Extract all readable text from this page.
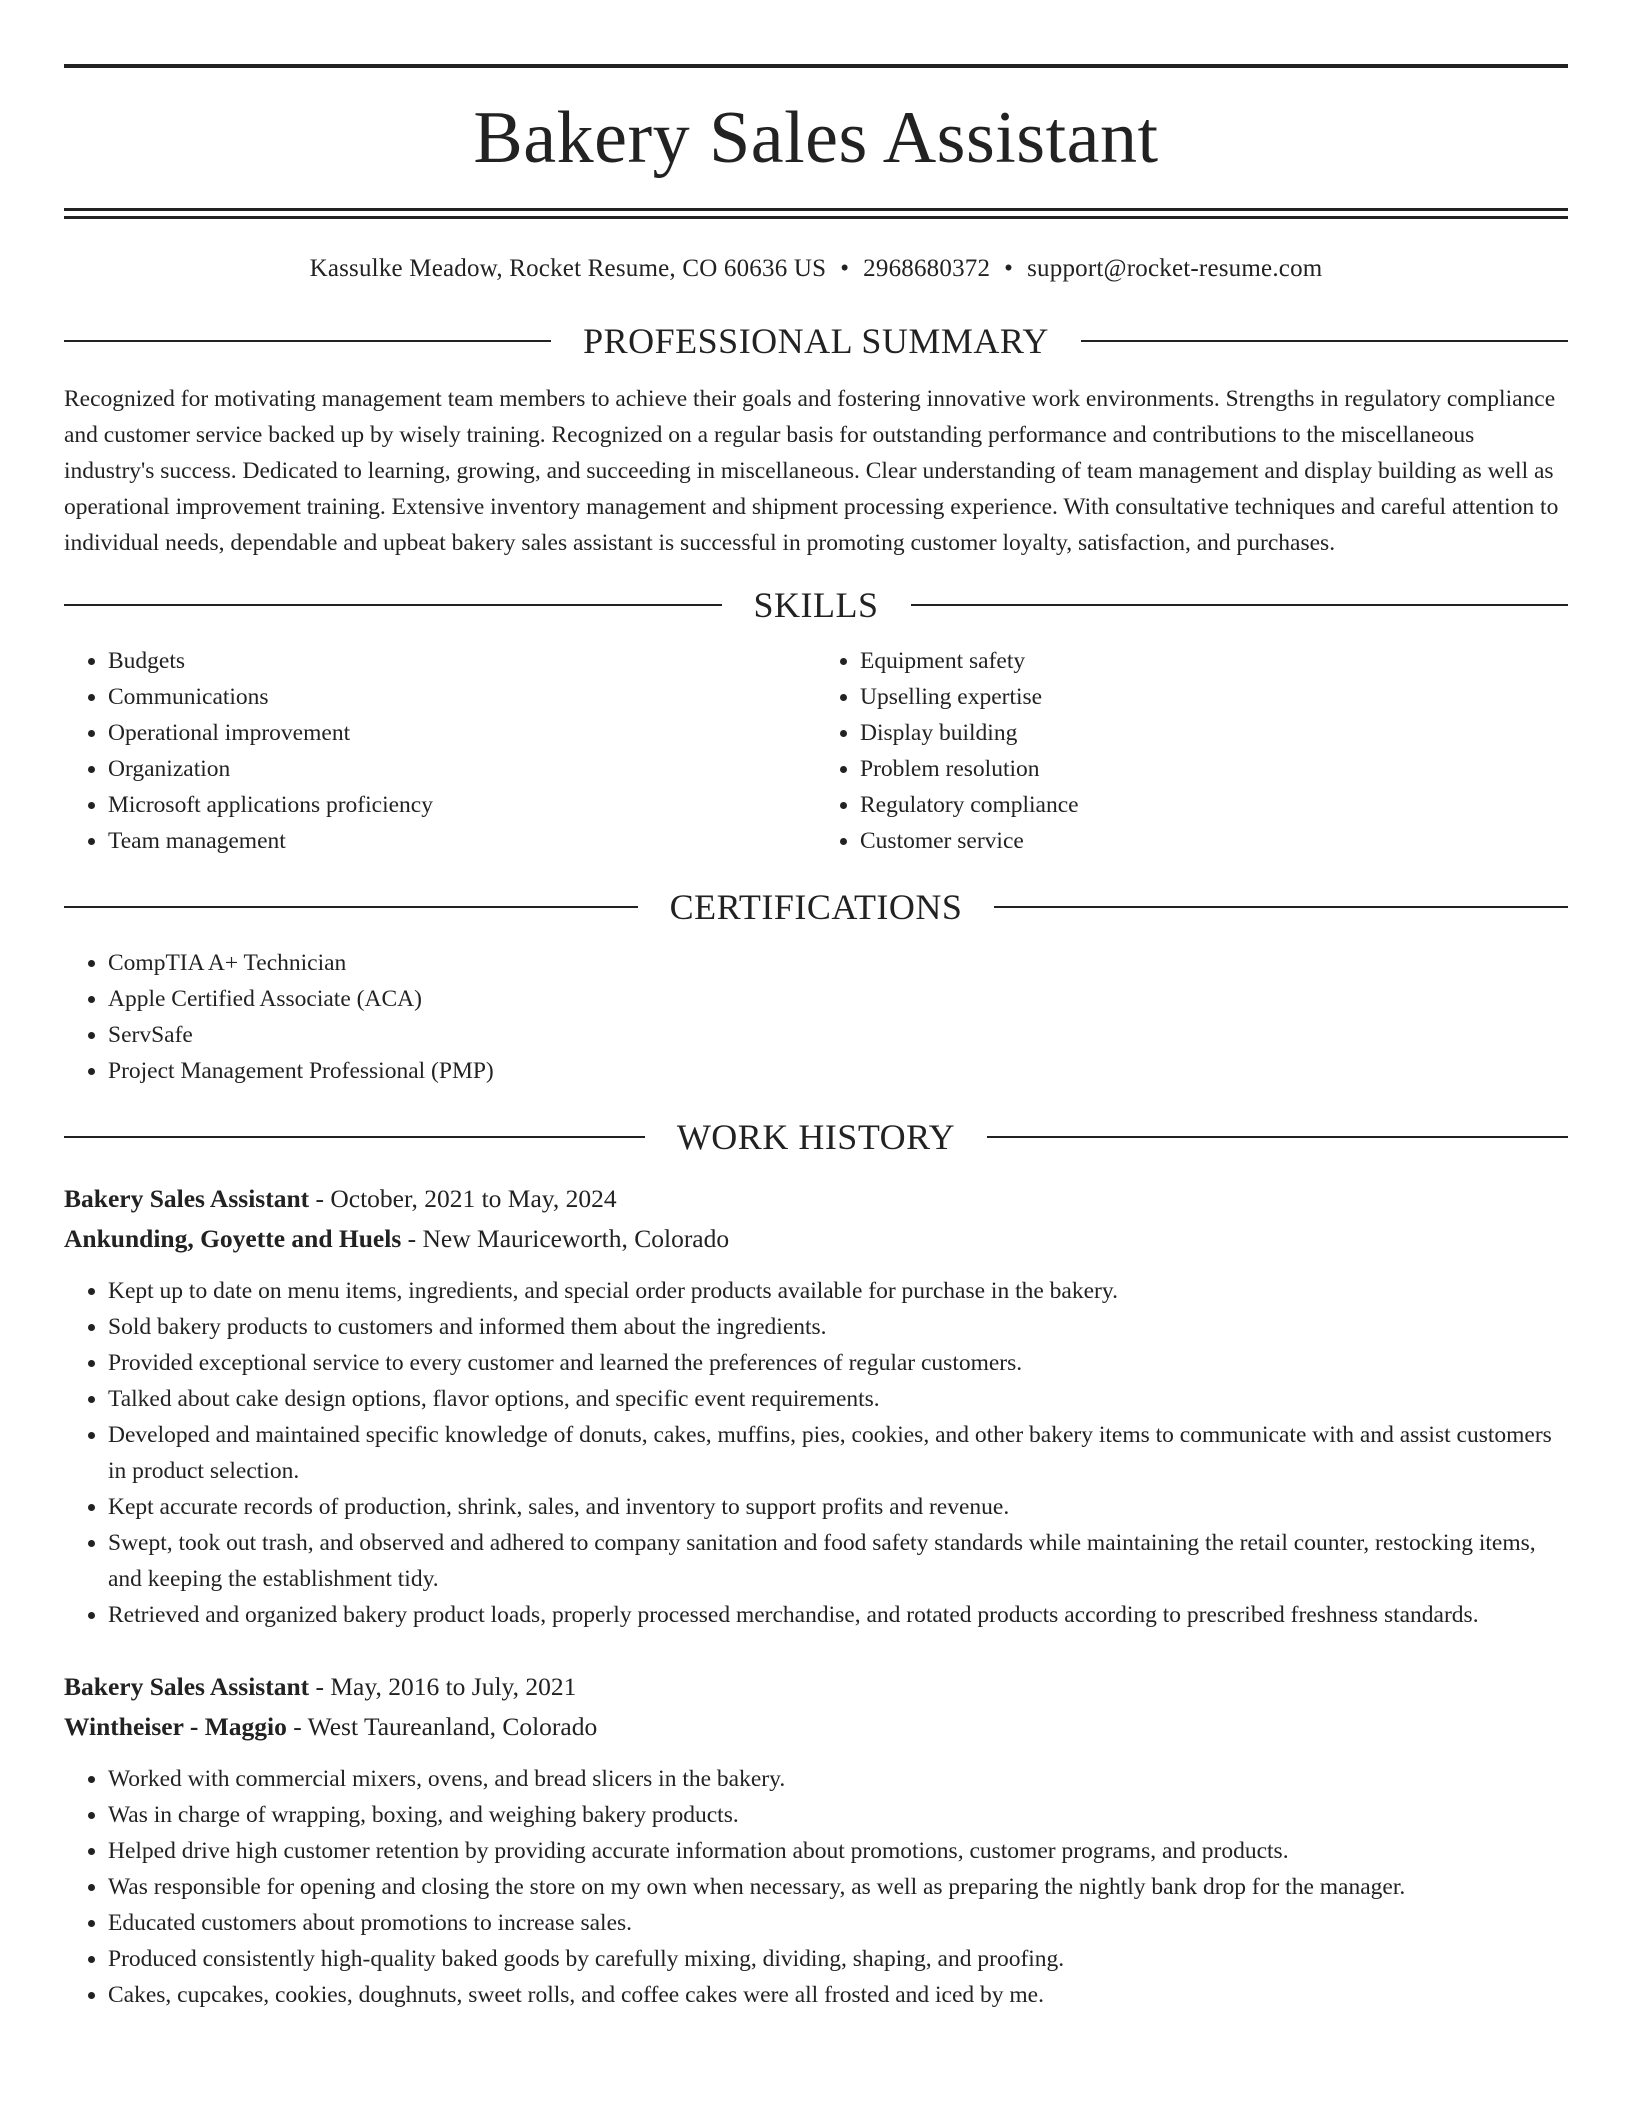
Bakery Sales Assistant
Kassulke Meadow, Rocket Resume, CO 60636 US • 2968680372 • support@rocket-resume.com
PROFESSIONAL SUMMARY

Recognized for motivating management team members to achieve their goals and fostering innovative work environments. Strengths in regulatory compliance and customer service backed up by wisely training. Recognized on a regular basis for outstanding performance and contributions to the miscellaneous industry's success. Dedicated to learning, growing, and succeeding in miscellaneous. Clear understanding of team management and display building as well as operational improvement training. Extensive inventory management and shipment processing experience. With consultative techniques and careful attention to individual needs, dependable and upbeat bakery sales assistant is successful in promoting customer loyalty, satisfaction, and purchases.

SKILLS
• Budgets
• Communications
• Operational improvement
• Organization
• Microsoft applications proficiency
• Team management
• Equipment safety
• Upselling expertise
• Display building
• Problem resolution
• Regulatory compliance
• Customer service
CERTIFICATIONS
• CompTIA A+ Technician
• Apple Certified Associate (ACA)
• ServSafe
• Project Management Professional (PMP)
WORK HISTORY
Bakery Sales Assistant - October, 2021 to May, 2024
Ankunding, Goyette and Huels - New Mauriceworth, Colorado
• Kept up to date on menu items, ingredients, and special order products available for purchase in the bakery.
• Sold bakery products to customers and informed them about the ingredients.
• Provided exceptional service to every customer and learned the preferences of regular customers.
• Talked about cake design options, flavor options, and specific event requirements.
• Developed and maintained specific knowledge of donuts, cakes, muffins, pies, cookies, and other bakery items to communicate with and assist customers in product selection.
• Kept accurate records of production, shrink, sales, and inventory to support profits and revenue.
• Swept, took out trash, and observed and adhered to company sanitation and food safety standards while maintaining the retail counter, restocking items, and keeping the establishment tidy.
• Retrieved and organized bakery product loads, properly processed merchandise, and rotated products according to prescribed freshness standards.
Bakery Sales Assistant - May, 2016 to July, 2021
Wintheiser - Maggio - West Taureanland, Colorado
• Worked with commercial mixers, ovens, and bread slicers in the bakery.
• Was in charge of wrapping, boxing, and weighing bakery products.
• Helped drive high customer retention by providing accurate information about promotions, customer programs, and products.
• Was responsible for opening and closing the store on my own when necessary, as well as preparing the nightly bank drop for the manager.
• Educated customers about promotions to increase sales.
• Produced consistently high-quality baked goods by carefully mixing, dividing, shaping, and proofing.
• Cakes, cupcakes, cookies, doughnuts, sweet rolls, and coffee cakes were all frosted and iced by me.
